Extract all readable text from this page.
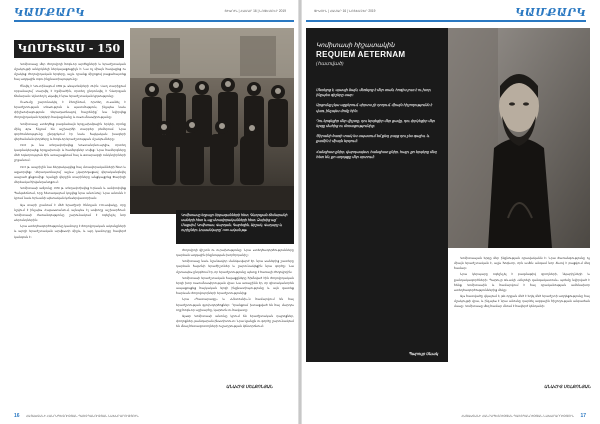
ԿԱՄՔԱՐԿ	ՅԻՍՈՒՆ | ՀԱՄԱՐ 16 | ՆՈՅԵՄԲԵՐ 2019
ԿՈՄԻՏԱՍ - 150

Կոմիտասը մեր ժողովրդի հոգևոր արժեքների և երաժշտական մշակույթի անկրկնելի ներկայացուցիչն է։ Նա ոչ միայն հավաքեց ու մշակեց ժողովրդական երգերը, այլև դրանց միջոցով բացահայտեց հայ ազգային ոգու ինքնատիպությունը։

Ծնվել է Կուտինայում 1869 թ. սեպտեմբերի 26-ին։ Վաղ տարիքում որբանալով՝ տարվել է Էջմիածին, որտեղ ընդունվել է Գևորգյան ճեմարան։ Այնտեղ էլ սկսվել է նրա երաժշտական կրթությունը։

Ուսումը շարունակել է Բեռլինում, որտեղ ուսանել է երաժշտության տեսություն և պատմություն, ինչպես նաև փիլիսոփայություն։ Վերադառնալով հայրենիք՝ նա նվիրվեց ժողովրդական երգերի հավաքմանը և ուսումնասիրությանը։

Կոմիտասը ստեղծեց բազմաձայն երգչախմբային երկեր, որոնք մինչ օրս հնչում են աշխարհի տարբեր բեմերում։ Նրա գործունեությունը ընդգրկում էր նաև հայկական խազերի վերծանման փորձերը և հոգևոր երաժշտության մշակումները։

1910 թ. նա տեղափոխվեց Կոստանդնուպոլիս, որտեղ կազմակերպեց երգչախումբ և համերգներ տվեց։ Նրա համերգները մեծ ոգևորություն էին առաջացնում հայ և օտարազգի ունկնդիրների շրջանում։

1915 թ. ապրիլին նա ձերբակալվեց հայ մտավորականների հետ և աքսորվեց։ Վերադառնալով՝ այլևս չկարողացավ վերականգնվել ապրած ցնցումից։ Կյանքի վերջին տարիները անցկացրեց Փարիզի մերձակա հիվանդանոցում։

Կոմիտասի աճյունը 1936 թ. տեղափոխվեց Երևան և ամփոփվեց Պանթեոնում, որը հետագայում կոչվեց նրա անունով։ Նրա անունն է կրում նաև Երևանի պետական կոնսերվատորիան։

Այս տարի լրանում է մեծ երաժշտի ծննդյան 150-ամյակը, որը նշվում է ինչպես Հայաստանում, այնպես էլ ամբողջ աշխարհում։ Կոմիտասի ժառանգությունը շարունակում է ոգեշնչել նոր սերունդներին։

Նրա ստեղծագործությունը կամուրջ է ժողովրդական ակունքների և արդի երաժշտական արվեստի միջև, և այդ կամուրջը հավերժ կանգուն է։

Կոմիտասը եղբայր Սրբազանների հետ, Գևորգյան ճեմարանի սաների հետ և այլ մտավորականների հետ։ Ձախից աջ՝ Մաքսիմ, Կոմիտաս, Վարդան, Գարեգին, Արշակ, Վաղարշ և ուրիշներ։ Լուսանկարը՝ 1900-ական թթ.

ժողովրդի վիշտն ու ուրախությունը։ Նրա ստեղծագործությունները դարձան ազգային ինքնության խորհրդանիշ։

Կոմիտասը նաև նշանավոր մանկավարժ էր. նրա սաներից շատերը դարձան հայտնի երաժիշտներ և շարունակեցին նրա գործը։ Նա մշտապես ընդգծում էր, որ երաժշտությունը պետք է ծառայի ժողովրդին։

Կոմիտասի երաժշտական հայացքները հիմնված էին ժողովրդական երգի խոր ուսումնասիրության վրա։ Նա առաջինն էր, որ գիտականորեն ապացուցեց հայկական երգի ինքնատիպությունը և այն զատեց հարևան ժողովուրդների երաժշտությունից։

Նրա «Պատարագը» և «Անտունի»-ն համարվում են հայ երաժշտության գլուխգործոցներ։ Դրանցում խտացված են հայ մարդու ողջ հոգևոր աշխարհը, կարոտն ու հավատը։

Այսօր Կոմիտասի անունը կրում են երաժշտական դպրոցներ, փողոցներ, թանգարան-ինստիտուտ։ Նրա կյանքն ու գործը շարունակում են մնալ հետազոտողների ուշադրության կենտրոնում։

ԱՆԱՀԻՏ ՄԵԼՔՈՆՅԱՆ
16 ՀԱՅԱՍՏԱՆԻ ՀԱՆՐԱՊԵՏՈՒԹՅԱՆ ՊԱՇՏՊԱՆՈՒԹՅԱՆ ՆԱԽԱՐԱՐՈՒԹՅՈՒՆ
ԿԱՄՔԱՐԿ
ՅԻՍՈՒՆ | ՀԱՄԱՐ 16 | ՆՈՅԵՄԲԵՐ 2019
Կոմիտասի հիշատակին
REQUIEM AETERNAM
(հատված)
Մեռելոց է, պապի ձայն, մեռելոց է մեր տան, հոգիս լուռ է ու խոր, ինչպես գիշերը սար։
Արցունք չկա աչքերում, սիրտս չի դողում, միայն հիշողությունն է վառ, ինչպես մոմը հին։
Դու երգեցիր մեր վիշտը, դու երգեցիր մեր ցավը, դու փրկեցիր մեր երգը մահից ու մոռացությունից։
Ծիրանի ծառի տակ ես սպասում եմ քեզ, բայց դու չես գալիս, և քամին է միայն երգում։
Հանգիստ քնիր, վարդապետ, հանգիստ քնիր, հայր, քո երգերը մեզ հետ են, քո աղոթքը մեր սրտում։
Պարույր Սևակ

Կոմիտասյան երգը մեր ինքնության գրավականն է։ Նրա ժառանգությունը ոչ միայն երաժշտական է, այլև հոգևոր, որն ամեն անգամ նոր ձևով է բացվում մեզ համար։

Նրա կերպարը ոգեշնչել է բազմաթիվ գրողների, նկարիչների և քանդակագործների։ Պարույր Սևակի «Անլռելի զանգակատուն» պոեմը նվիրված է հենց Կոմիտասին և համարվում է հայ գրականության ամենախոր ստեղծագործություններից մեկը։

Այս հատվածը վկայում է, թե որքան մեծ է եղել մեծ երաժշտի ազդեցությունը հայ մշակույթի վրա, և ինչպես է նրա անունը դարձել ազգային հիշողության անբաժան մասը։ Կոմիտասը մեզ համար մնում է հավերժ կենդանի։

ԱՆԱՀԻՏ ՄԵԼՔՈՆՅԱՆ
17
ՀԱՅԱՍՏԱՆԻ ՀԱՆՐԱՊԵՏՈՒԹՅԱՆ ՊԱՇՏՊԱՆՈՒԹՅԱՆ ՆԱԽԱՐԱՐՈՒԹՅՈՒՆ
